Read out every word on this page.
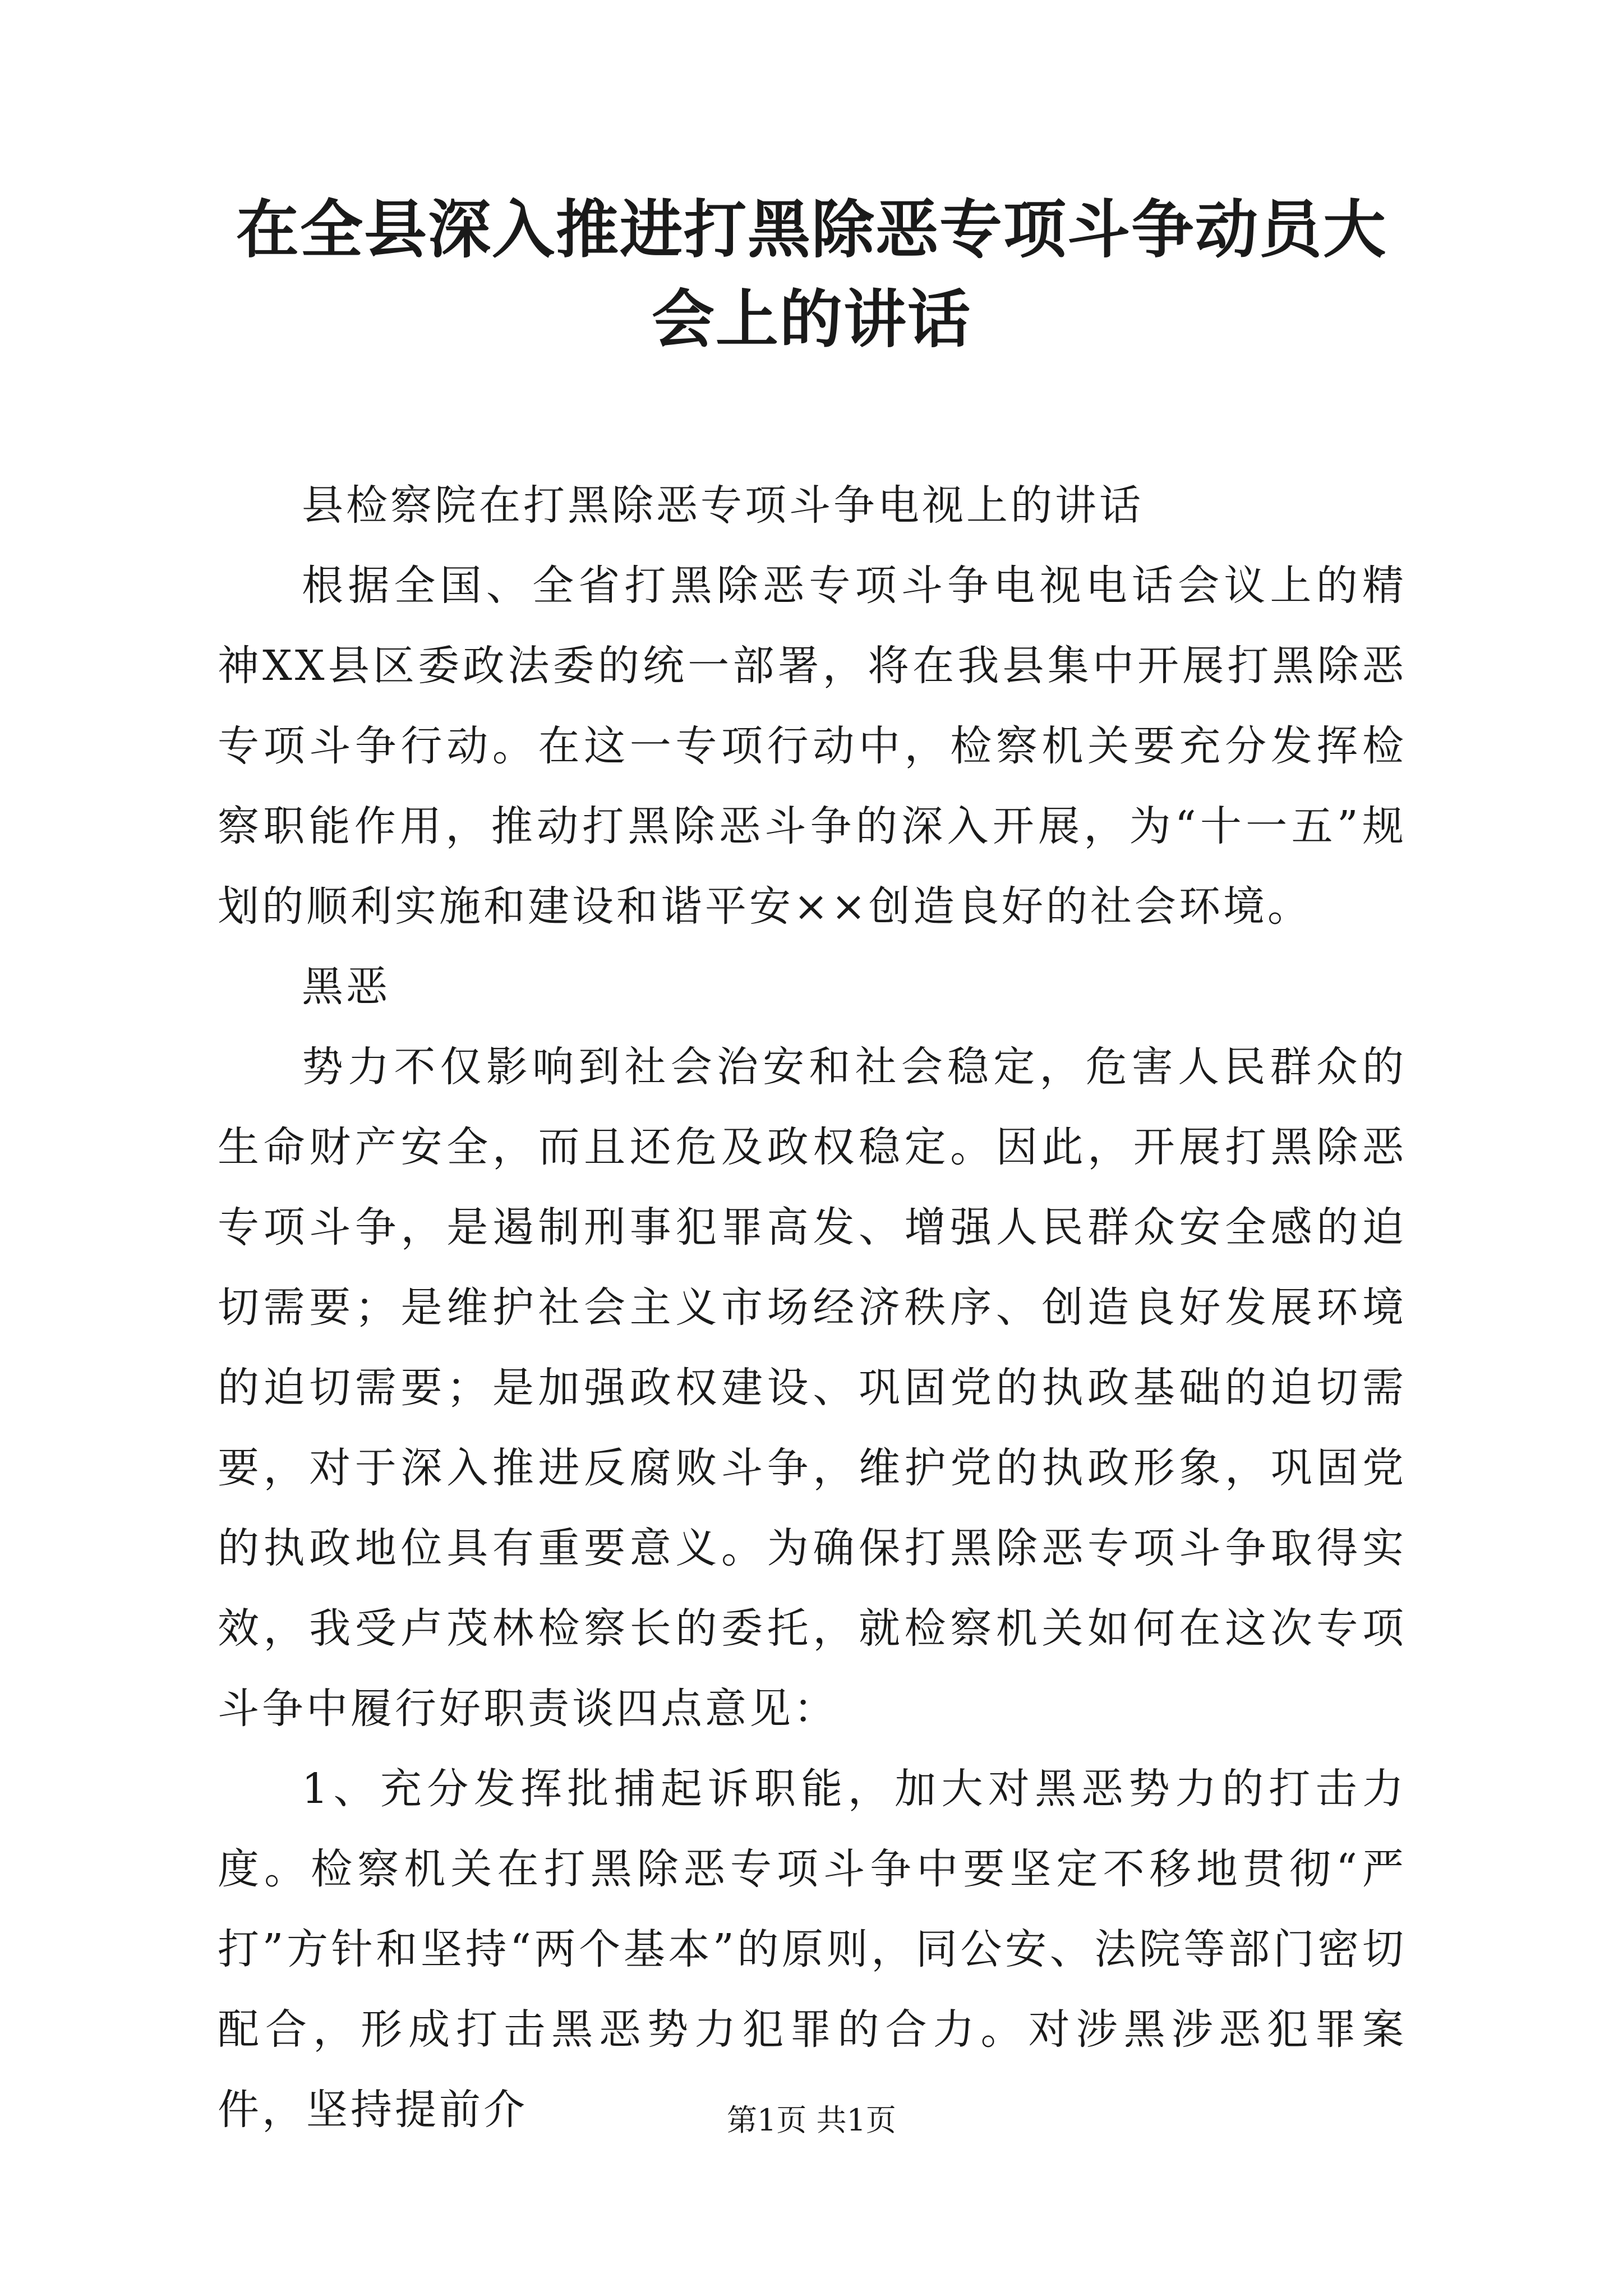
在全县深入推进打黑除恶专项斗争动员大会上的讲话

县检察院在打黑除恶专项斗争电视上的讲话

根据全国、全省打黑除恶专项斗争电视电话会议上的精神XX县区委政法委的统一部署，将在我县集中开展打黑除恶专项斗争行动。在这一专项行动中，检察机关要充分发挥检察职能作用，推动打黑除恶斗争的深入开展，为“十一五”规划的顺利实施和建设和谐平安××创造良好的社会环境。

黑恶

势力不仅影响到社会治安和社会稳定，危害人民群众的生命财产安全，而且还危及政权稳定。因此，开展打黑除恶专项斗争，是遏制刑事犯罪高发、增强人民群众安全感的迫切需要；是维护社会主义市场经济秩序、创造良好发展环境的迫切需要；是加强政权建设、巩固党的执政基础的迫切需要，对于深入推进反腐败斗争，维护党的执政形象，巩固党的执政地位具有重要意义。为确保打黑除恶专项斗争取得实效，我受卢茂林检察长的委托，就检察机关如何在这次专项斗争中履行好职责谈四点意见：

1、充分发挥批捕起诉职能，加大对黑恶势力的打击力度。检察机关在打黑除恶专项斗争中要坚定不移地贯彻“严打”方针和坚持“两个基本”的原则，同公安、法院等部门密切配合，形成打击黑恶势力犯罪的合力。对涉黑涉恶犯罪案件，坚持提前介	第1页 共1页
